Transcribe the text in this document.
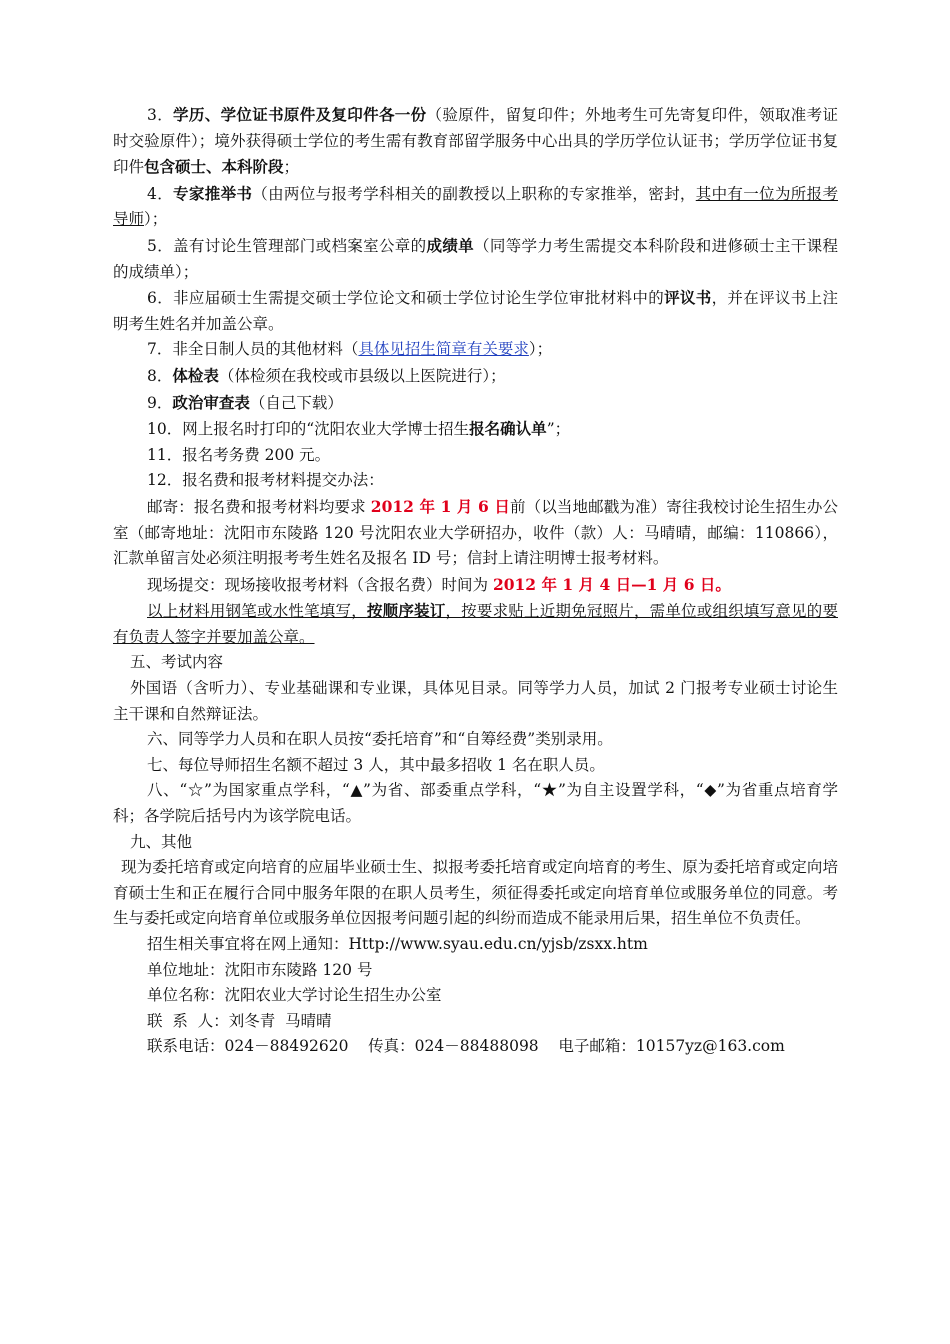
3．学历、学位证书原件及复印件各一份（验原件，留复印件；外地考生可先寄复印件，领取准考证时交验原件）；境外获得硕士学位的考生需有教育部留学服务中心出具的学历学位认证书；学历学位证书复印件包含硕士、本科阶段；

4．专家推举书（由两位与报考学科相关的副教授以上职称的专家推举，密封，其中有一位为所报考导师）；

5．盖有讨论生管理部门或档案室公章的成绩单（同等学力考生需提交本科阶段和进修硕士主干课程的成绩单）；

6．非应届硕士生需提交硕士学位论文和硕士学位讨论生学位审批材料中的评议书，并在评议书上注明考生姓名并加盖公章。

7．非全日制人员的其他材料（具体见招生简章有关要求）；

8．体检表（体检须在我校或市县级以上医院进行）；

9．政治审查表（自己下载）

10．网上报名时打印的“沈阳农业大学博士招生报名确认单”；

11．报名考务费 200 元。

12．报名费和报考材料提交办法：

邮寄：报名费和报考材料均要求 2012 年 1 月 6 日前（以当地邮戳为准）寄往我校讨论生招生办公室（邮寄地址：沈阳市东陵路 120 号沈阳农业大学研招办，收件（款）人：马晴晴，邮编：110866），汇款单留言处必须注明报考考生姓名及报名 ID 号；信封上请注明博士报考材料。

现场提交：现场接收报考材料（含报名费）时间为 2012 年 1 月 4 日—1 月 6 日。

以上材料用钢笔或水性笔填写，按顺序装订，按要求贴上近期免冠照片，需单位或组织填写意见的要有负责人签字并要加盖公章。

五、考试内容

外国语（含听力）、专业基础课和专业课，具体见目录。同等学力人员，加试 2 门报考专业硕士讨论生主干课和自然辩证法。

六、同等学力人员和在职人员按“委托培育”和“自筹经费”类别录用。

七、每位导师招生名额不超过 3 人，其中最多招收 1 名在职人员。

八、“☆”为国家重点学科，“▲”为省、部委重点学科，“★”为自主设置学科，“◆”为省重点培育学科；各学院后括号内为该学院电话。

九、其他

现为委托培育或定向培育的应届毕业硕士生、拟报考委托培育或定向培育的考生、原为委托培育或定向培育硕士生和正在履行合同中服务年限的在职人员考生，须征得委托或定向培育单位或服务单位的同意。考生与委托或定向培育单位或服务单位因报考问题引起的纠纷而造成不能录用后果，招生单位不负责任。

招生相关事宜将在网上通知：Http://www.syau.edu.cn/yjsb/zsxx.htm

单位地址：沈阳市东陵路 120 号

单位名称：沈阳农业大学讨论生招生办公室

联  系  人：刘冬青  马晴晴

联系电话：024－88492620    传真：024－88488098    电子邮箱：10157yz@163.com
